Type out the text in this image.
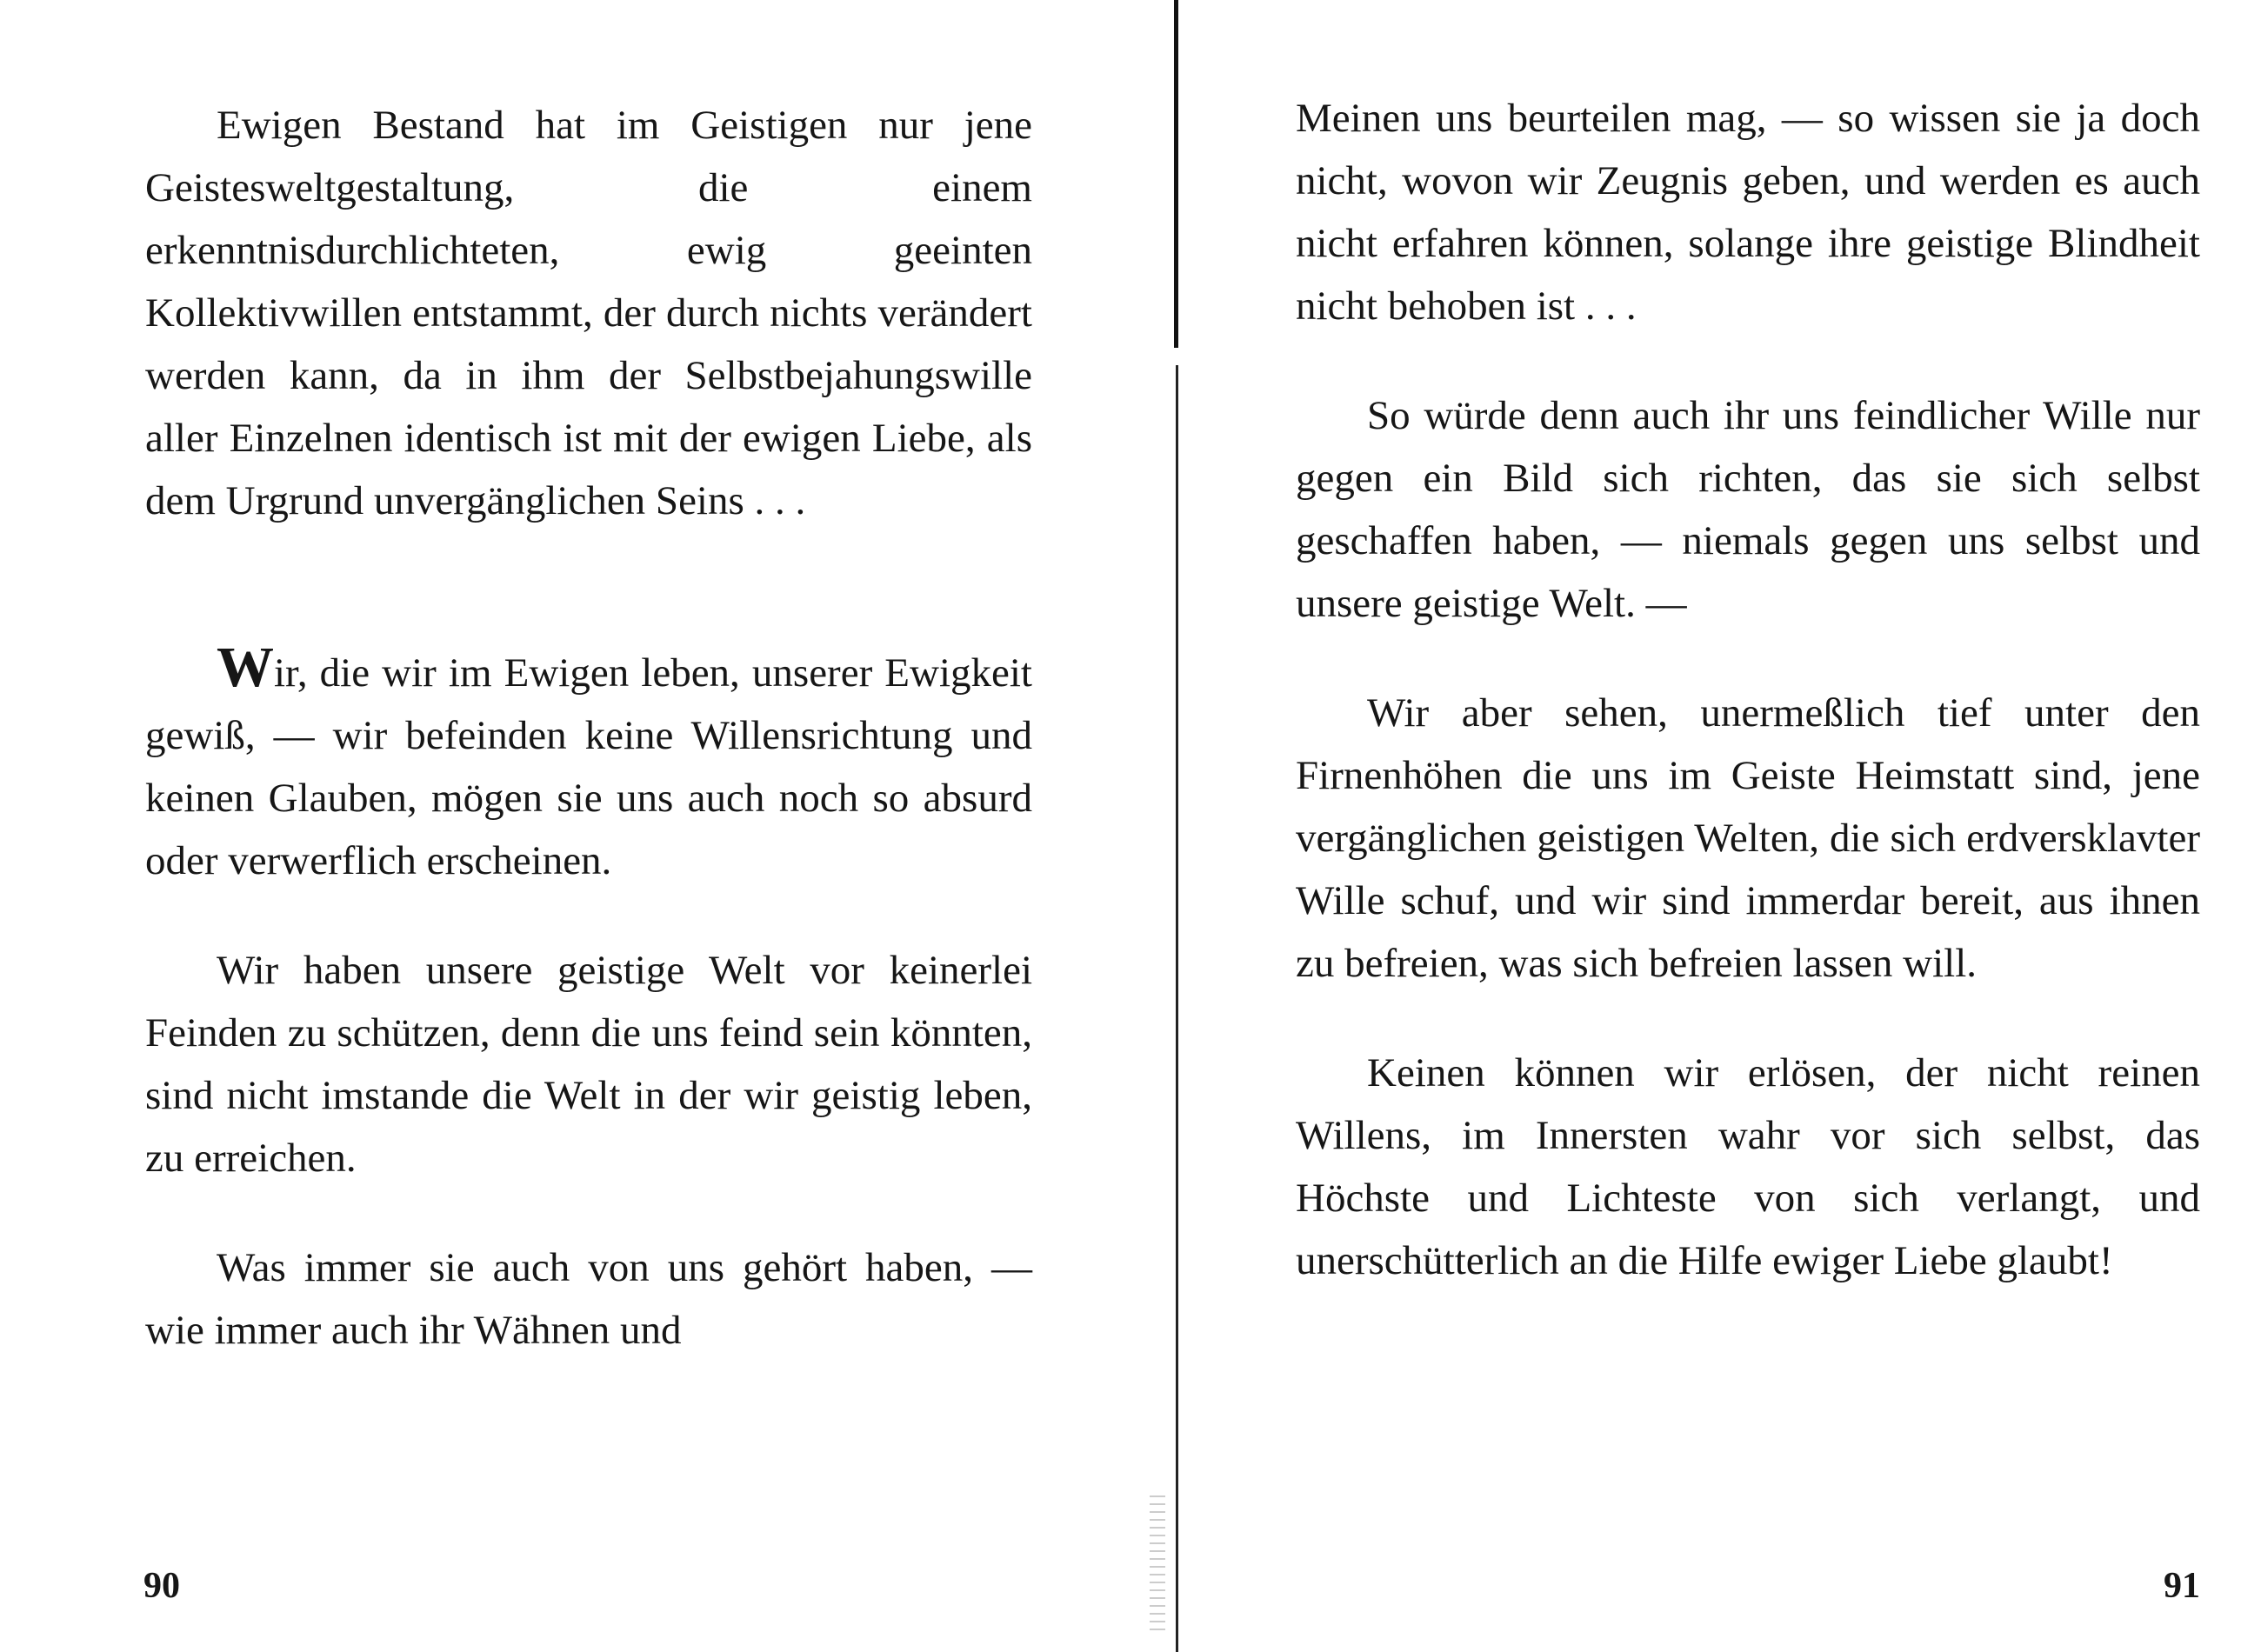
Ewigen Bestand hat im Geistigen nur jene Geistesweltgestaltung, die einem erkenntnisdurchlichteten, ewig geeinten Kollektivwillen entstammt, der durch nichts verändert werden kann, da in ihm der Selbstbejahungswille aller Einzelnen identisch ist mit der ewigen Liebe, als dem Urgrund unvergänglichen Seins . . .

Wir, die wir im Ewigen leben, unserer Ewigkeit gewiß, — wir befeinden keine Willensrichtung und keinen Glauben, mögen sie uns auch noch so absurd oder verwerflich erscheinen.

Wir haben unsere geistige Welt vor keinerlei Feinden zu schützen, denn die uns feind sein könnten, sind nicht imstande die Welt in der wir geistig leben, zu erreichen.

Was immer sie auch von uns gehört haben, — wie immer auch ihr Wähnen und

90

Meinen uns beurteilen mag, — so wissen sie ja doch nicht, wovon wir Zeugnis geben, und werden es auch nicht erfahren können, solange ihre geistige Blindheit nicht behoben ist . . .

So würde denn auch ihr uns feindlicher Wille nur gegen ein Bild sich richten, das sie sich selbst geschaffen haben, — niemals gegen uns selbst und unsere geistige Welt. —

Wir aber sehen, unermeßlich tief unter den Firnenhöhen die uns im Geiste Heimstatt sind, jene vergänglichen geistigen Welten, die sich erdversklavter Wille schuf, und wir sind immerdar bereit, aus ihnen zu befreien, was sich befreien lassen will.

Keinen können wir erlösen, der nicht reinen Willens, im Innersten wahr vor sich selbst, das Höchste und Lichteste von sich verlangt, und unerschütterlich an die Hilfe ewiger Liebe glaubt!

91
